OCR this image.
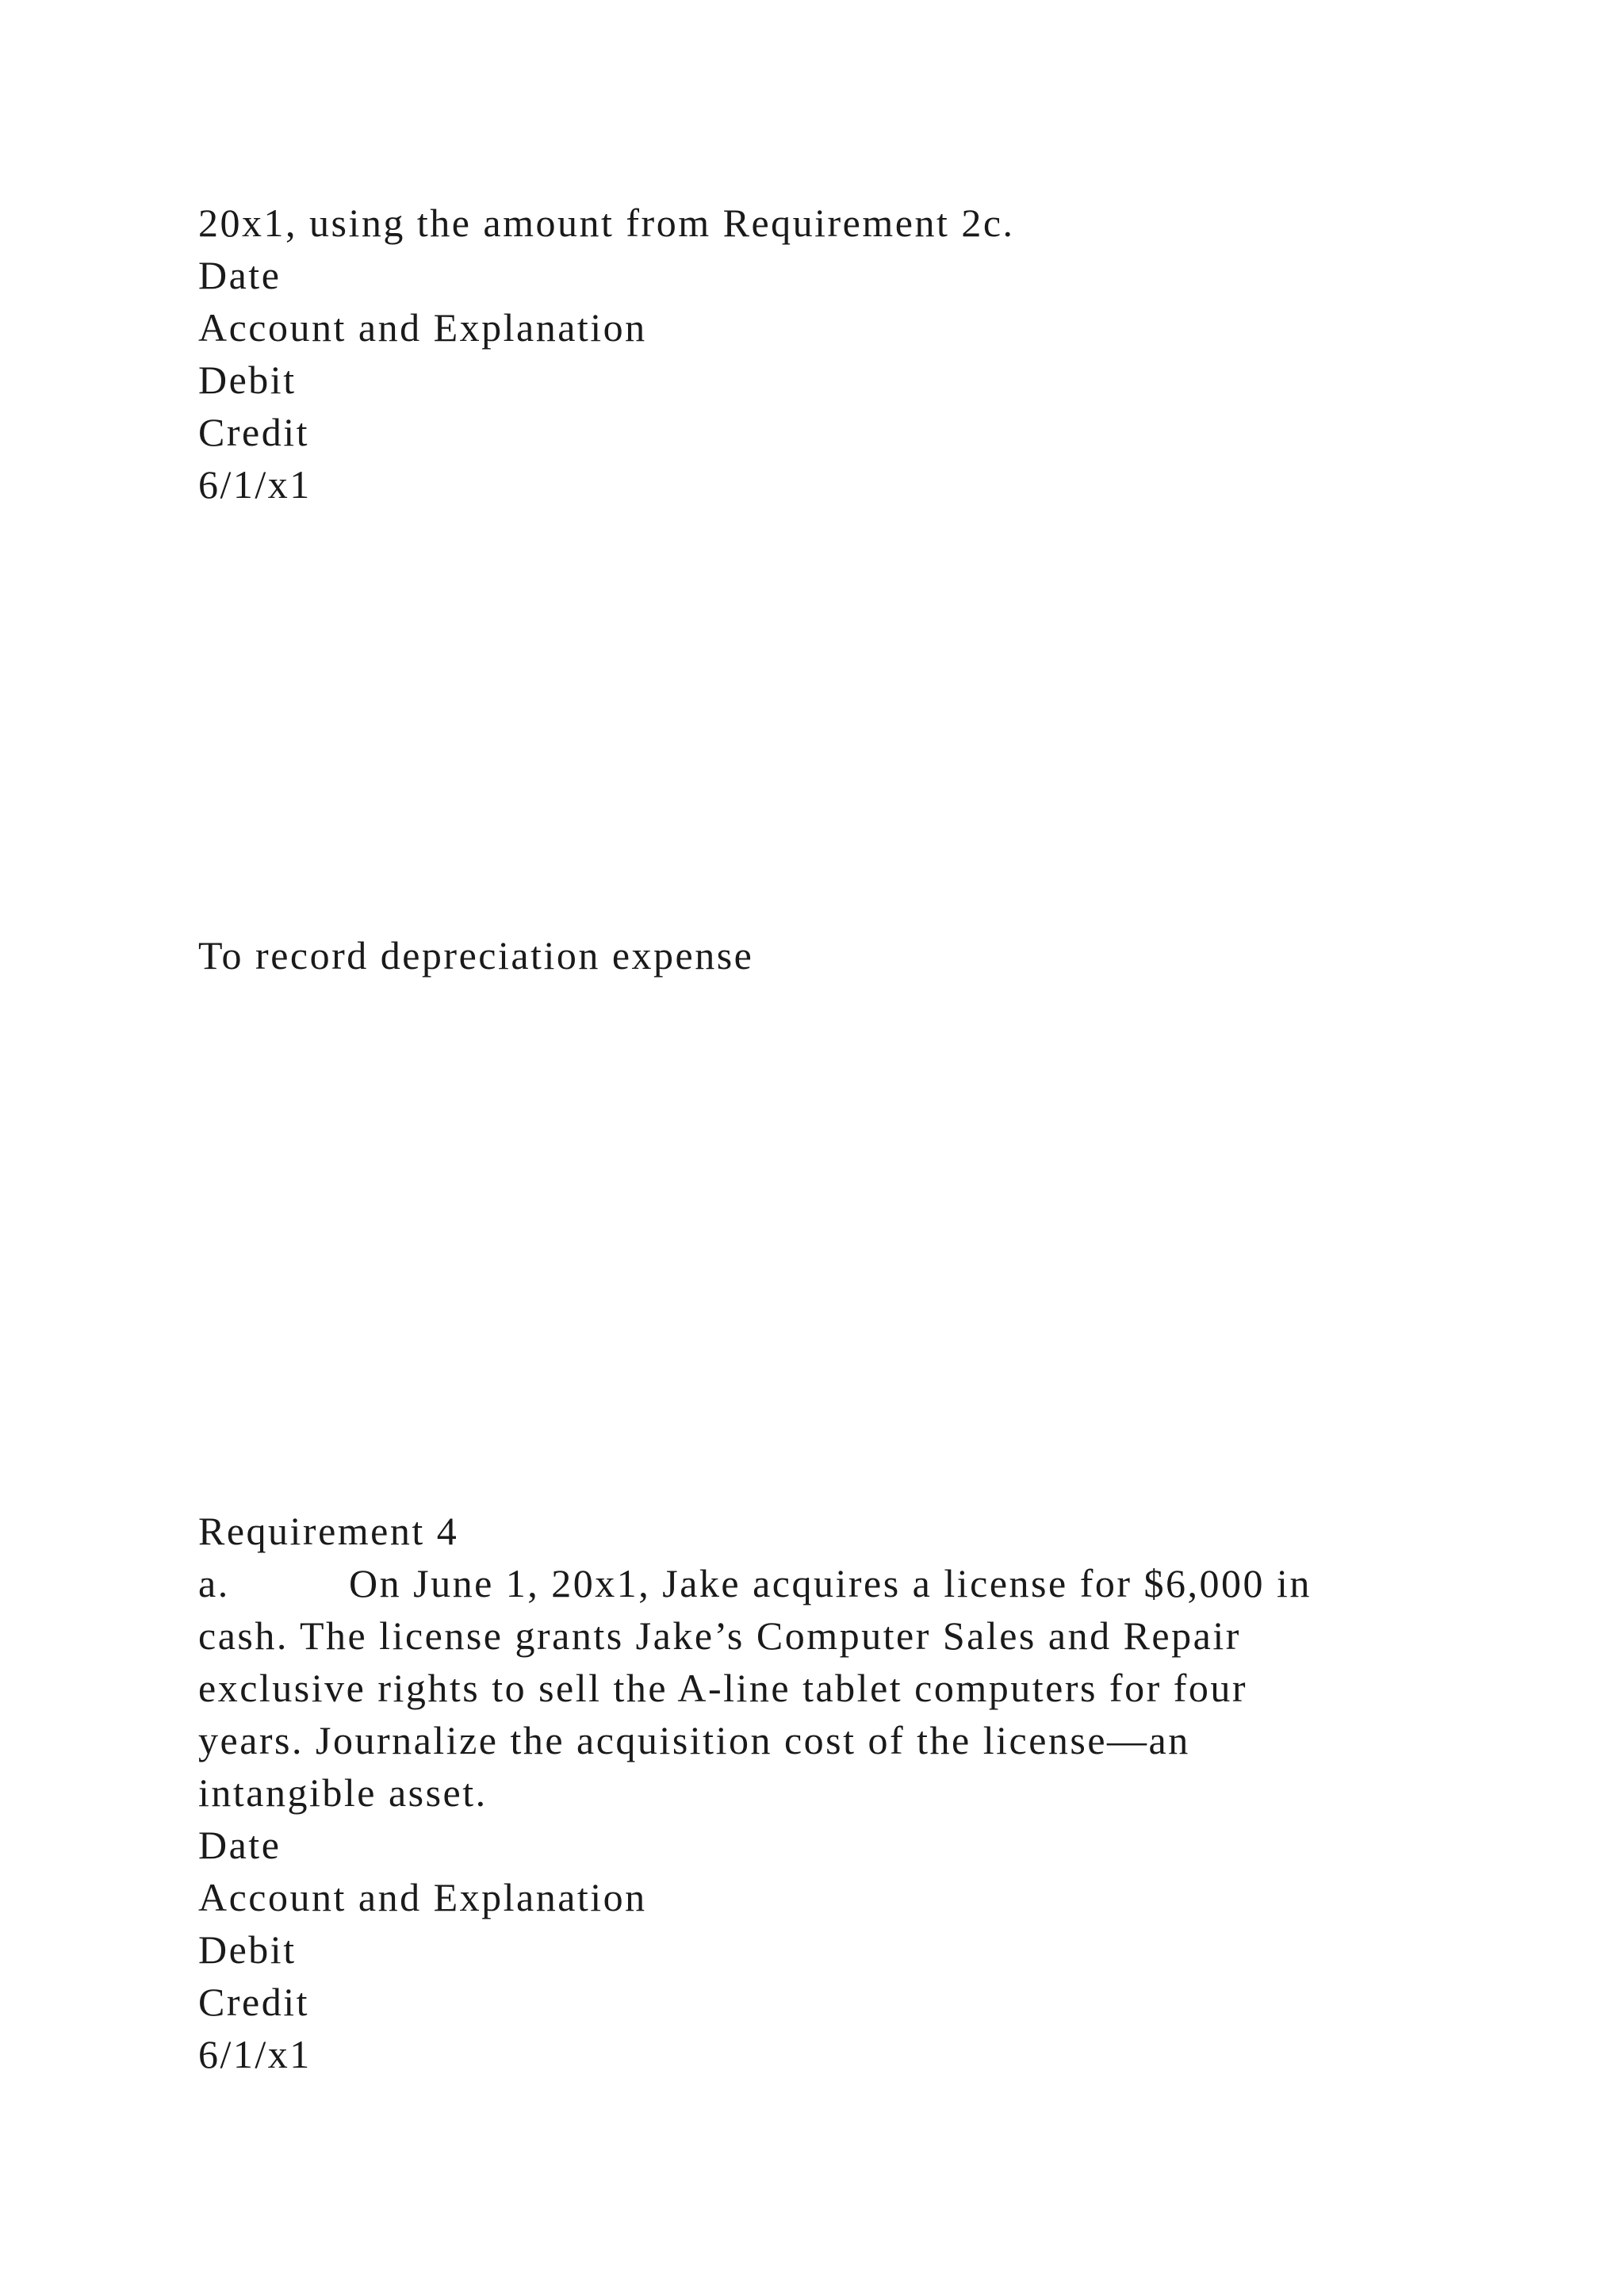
20x1, using the amount from Requirement 2c.

Date

Account and Explanation

Debit

Credit

6/1/x1

To record depreciation expense

Requirement 4

a.	On June 1, 20x1, Jake acquires a license for $6,000 in

cash. The license grants Jake’s Computer Sales and Repair

exclusive rights to sell the A-line tablet computers for four

years. Journalize the acquisition cost of the license—an

intangible asset.

Date

Account and Explanation

Debit

Credit

6/1/x1
